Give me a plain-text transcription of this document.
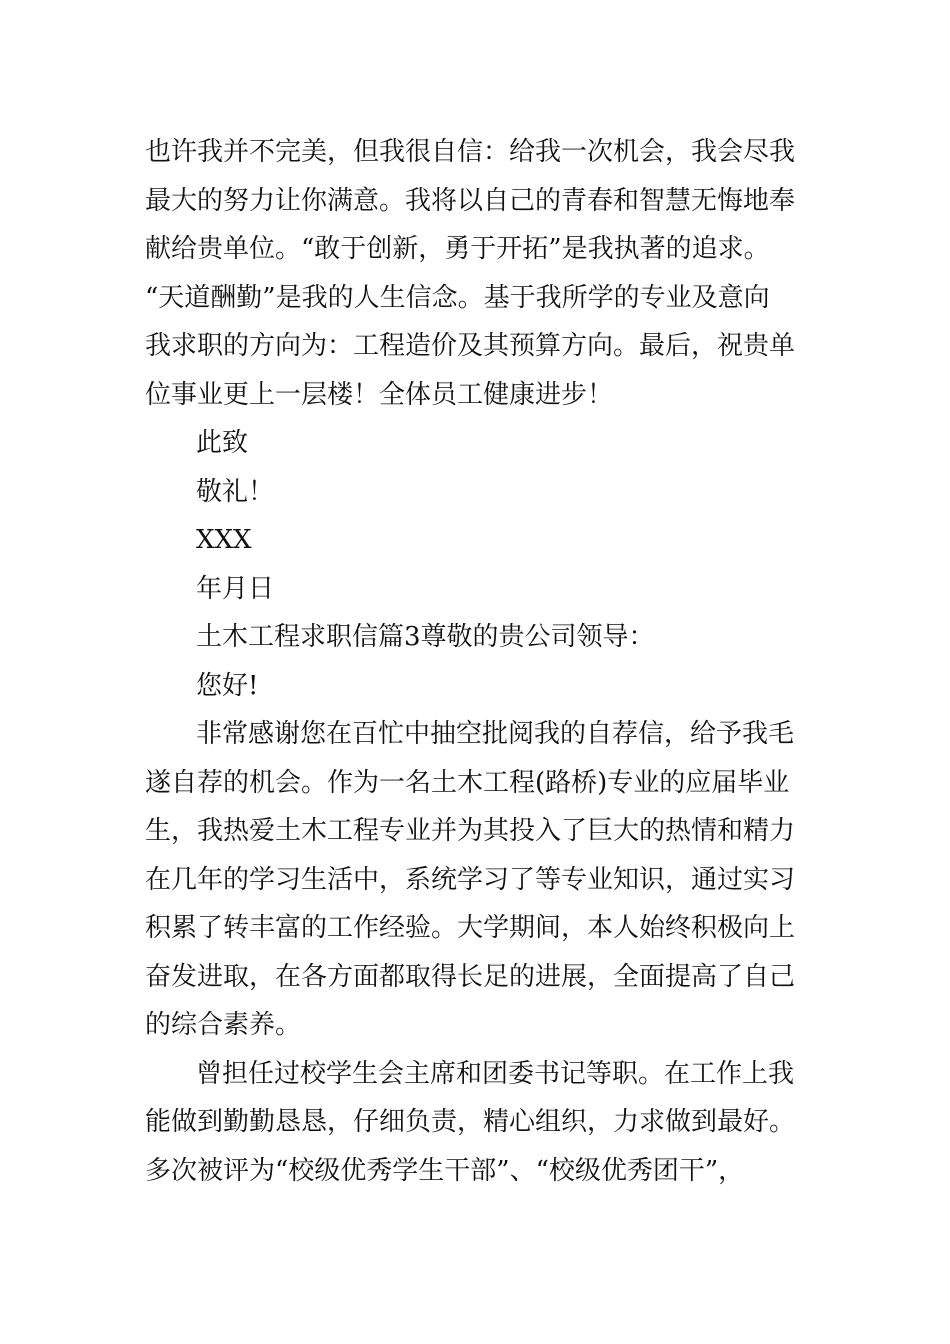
也许我并不完美，但我很自信：给我一次机会，我会尽我
最大的努力让你满意。我将以自己的青春和智慧无悔地奉
献给贵单位。“敢于创新，勇于开拓”是我执著的追求。
“天道酬勤”是我的人生信念。基于我所学的专业及意向
我求职的方向为：工程造价及其预算方向。最后，祝贵单
位事业更上一层楼！全体员工健康进步！
此致
敬礼！
XXX
年月日
土木工程求职信篇3尊敬的贵公司领导：
您好!
非常感谢您在百忙中抽空批阅我的自荐信，给予我毛
遂自荐的机会。作为一名土木工程(路桥)专业的应届毕业
生，我热爱土木工程专业并为其投入了巨大的热情和精力
在几年的学习生活中，系统学习了等专业知识，通过实习
积累了转丰富的工作经验。大学期间，本人始终积极向上
奋发进取，在各方面都取得长足的进展，全面提高了自己
的综合素养。
曾担任过校学生会主席和团委书记等职。在工作上我
能做到勤勤恳恳，仔细负责，精心组织，力求做到最好。
多次被评为“校级优秀学生干部”、“校级优秀团干”，
